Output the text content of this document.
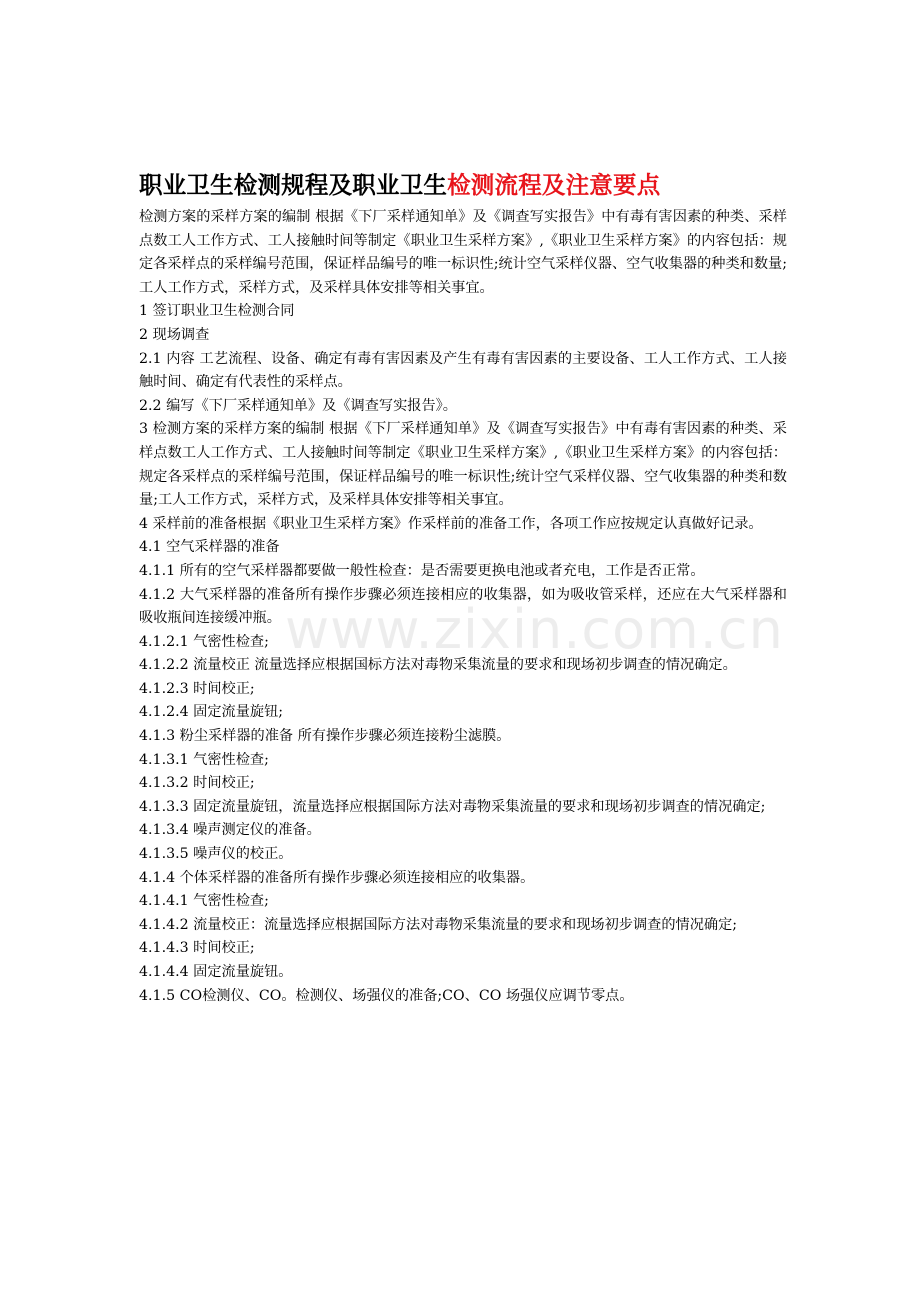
职业卫生检测规程及职业卫生检测流程及注意要点

检测方案的采样方案的编制 根据《下厂采样通知单》及《调查写实报告》中有毒有害因素的种类、采样点数工人工作方式、工人接触时间等制定《职业卫生采样方案》,《职业卫生采样方案》的内容包括：规定各采样点的采样编号范围，保证样品编号的唯一标识性;统计空气采样仪器、空气收集器的种类和数量;工人工作方式，采样方式，及采样具体安排等相关事宜。

1 签订职业卫生检测合同

2 现场调查

2.1 内容 工艺流程、设备、确定有毒有害因素及产生有毒有害因素的主要设备、工人工作方式、工人接触时间、确定有代表性的采样点。

2.2 编写《下厂采样通知单》及《调查写实报告》。

3 检测方案的采样方案的编制 根据《下厂采样通知单》及《调查写实报告》中有毒有害因素的种类、采样点数工人工作方式、工人接触时间等制定《职业卫生采样方案》,《职业卫生采样方案》的内容包括：规定各采样点的采样编号范围，保证样品编号的唯一标识性;统计空气采样仪器、空气收集器的种类和数量;工人工作方式，采样方式，及采样具体安排等相关事宜。

4 采样前的准备根据《职业卫生采样方案》作采样前的准备工作，各项工作应按规定认真做好记录。

4.1 空气采样器的准备

4.1.1 所有的空气采样器都要做一般性检查：是否需要更换电池或者充电，工作是否正常。

4.1.2 大气采样器的准备所有操作步骤必须连接相应的收集器，如为吸收管采样，还应在大气采样器和吸收瓶间连接缓冲瓶。

4.1.2.1 气密性检查;

4.1.2.2 流量校正 流量选择应根据国标方法对毒物采集流量的要求和现场初步调查的情况确定。

4.1.2.3 时间校正;

4.1.2.4 固定流量旋钮;

4.1.3 粉尘采样器的准备 所有操作步骤必须连接粉尘滤膜。

4.1.3.1 气密性检查;

4.1.3.2 时间校正;

4.1.3.3 固定流量旋钮，流量选择应根据国际方法对毒物采集流量的要求和现场初步调查的情况确定;

4.1.3.4 噪声测定仪的准备。

4.1.3.5 噪声仪的校正。

4.1.4 个体采样器的准备所有操作步骤必须连接相应的收集器。

4.1.4.1 气密性检查;

4.1.4.2 流量校正：流量选择应根据国际方法对毒物采集流量的要求和现场初步调查的情况确定;

4.1.4.3 时间校正;

4.1.4.4 固定流量旋钮。

4.1.5 CO检测仪、CO。检测仪、场强仪的准备;CO、CO 场强仪应调节零点。

www.zixin.com.cn
